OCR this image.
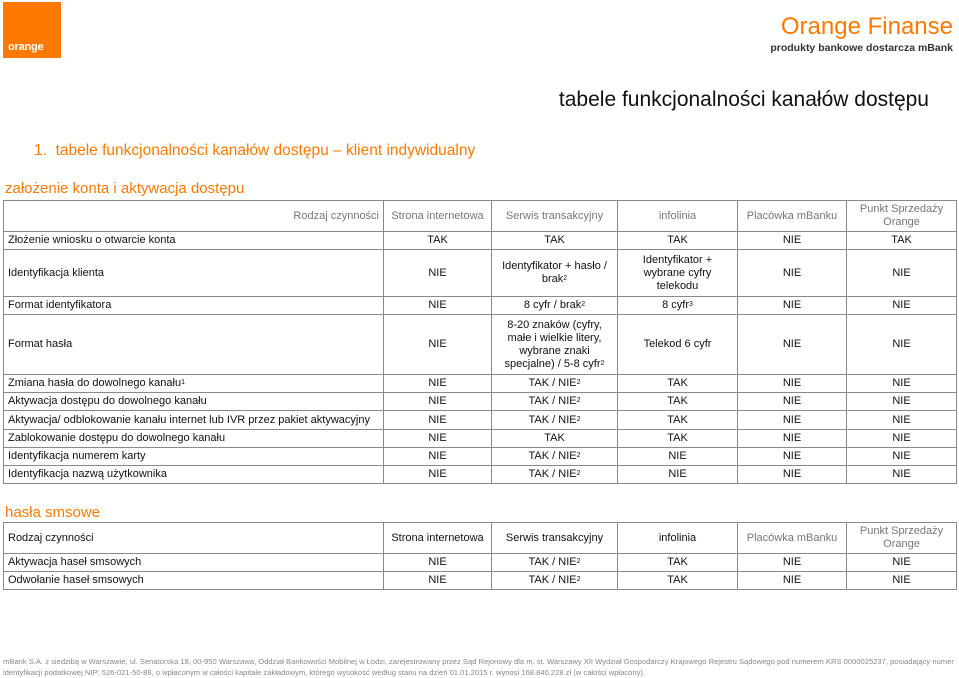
orange
Orange Finanse
produkty bankowe dostarcza mBank
tabele funkcjonalności kanałów dostępu
1. tabele funkcjonalności kanałów dostępu – klient indywidualny
założenie konta i aktywacja dostępu
Rodzaj czynności	Strona internetowa	Serwis transakcyjny	infolinia	Placówka mBanku	Punkt Sprzedaży Orange
Złożenie wniosku o otwarcie konta	TAK	TAK	TAK	NIE	TAK
Identyfikacja klienta	NIE	Identyfikator + hasło / brak$^2$	Identyfikator + wybrane cyfry telekodu	NIE	NIE
Format identyfikatora	NIE	8 cyfr / brak$^2$	8 cyfr$^3$	NIE	NIE
Format hasła	NIE	8-20 znaków (cyfry, małe i wielkie litery, wybrane znaki specjalne) / 5-8 cyfr$^2$	Telekod 6 cyfr	NIE	NIE
Zmiana hasła do dowolnego kanału$^1$	NIE	TAK / NIE$^2$	TAK	NIE	NIE
Aktywacja dostępu do dowolnego kanału	NIE	TAK / NIE$^2$	TAK	NIE	NIE
Aktywacja/ odblokowanie kanału internet lub IVR przez pakiet aktywacyjny	NIE	TAK / NIE$^2$	TAK	NIE	NIE
Zablokowanie dostępu do dowolnego kanału	NIE	TAK	TAK	NIE	NIE
Identyfikacja numerem karty	NIE	TAK / NIE$^2$	NIE	NIE	NIE
Identyfikacja nazwą użytkownika	NIE	TAK / NIE$^2$	NIE	NIE	NIE
hasła smsowe
Rodzaj czynności	Strona internetowa	Serwis transakcyjny	infolinia	Placówka mBanku	Punkt Sprzedaży Orange
Aktywacja haseł smsowych	NIE	TAK / NIE$^2$	TAK	NIE	NIE
Odwołanie haseł smsowych	NIE	TAK / NIE$^2$	TAK	NIE	NIE
mBank S.A. z siedzibą w Warszawie, ul. Senatorska 18, 00-950 Warszawa, Oddział Bankowości Mobilnej w Łodzi, zarejestrowany przez Sąd Rejonowy dla m. st. Warszawy XII Wydział Gospodarczy Krajowego Rejestru Sądowego pod numerem KRS 0000025237, posiadający numer
identyfikacji podatkowej NIP: 526-021-50-88, o wpłaconym w całości kapitale zakładowym, którego wysokość według stanu na dzień 01.01.2015 r. wynosi 168.840.228 zł (w całości wpłacony).
